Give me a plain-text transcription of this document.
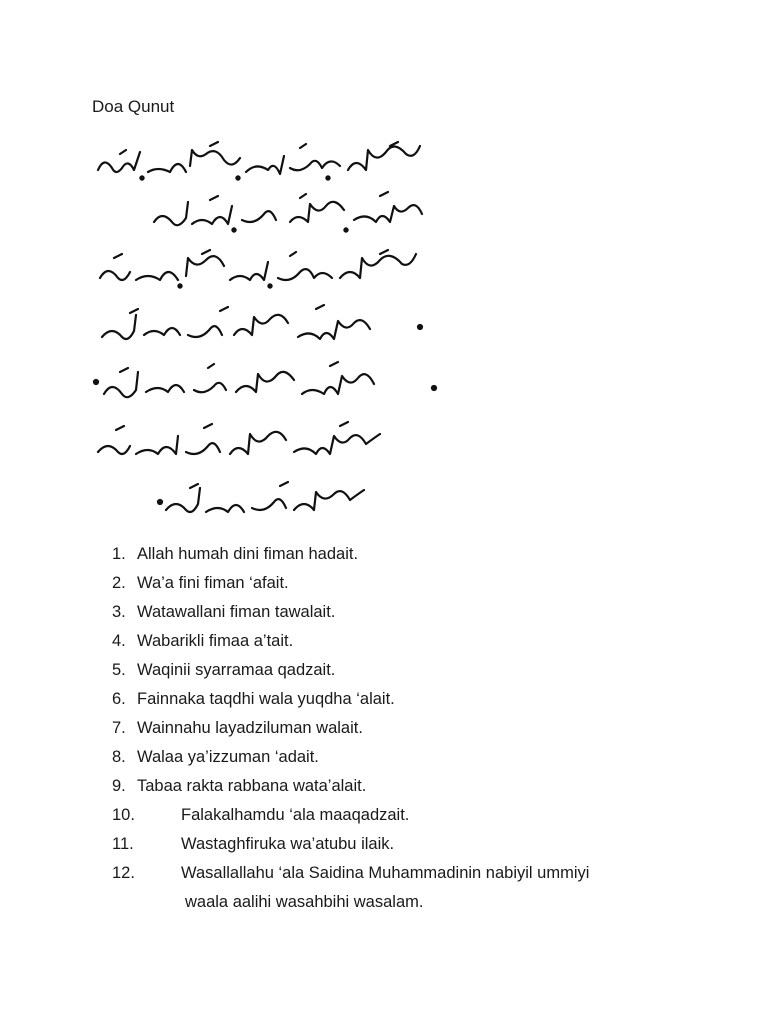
Doa Qunut
1. Allah humah dini fiman hadait.
2. Wa’a fini fiman ‘afait.
3. Watawallani fiman tawalait.
4. Wabarikli fimaa a’tait.
5. Waqinii syarramaa qadzait.
6. Fainnaka taqdhi wala yuqdha ‘alait.
7. Wainnahu layadziluman walait.
8. Walaa ya’izzuman ‘adait.
9. Tabaa rakta rabbana wata’alait.
10.	Falakalhamdu ‘ala maaqadzait.
11.	Wastaghfiruka wa’atubu ilaik.
12.	Wasallallahu ‘ala Saidina Muhammadinin nabiyil ummiyi
waala aalihi wasahbihi wasalam.
